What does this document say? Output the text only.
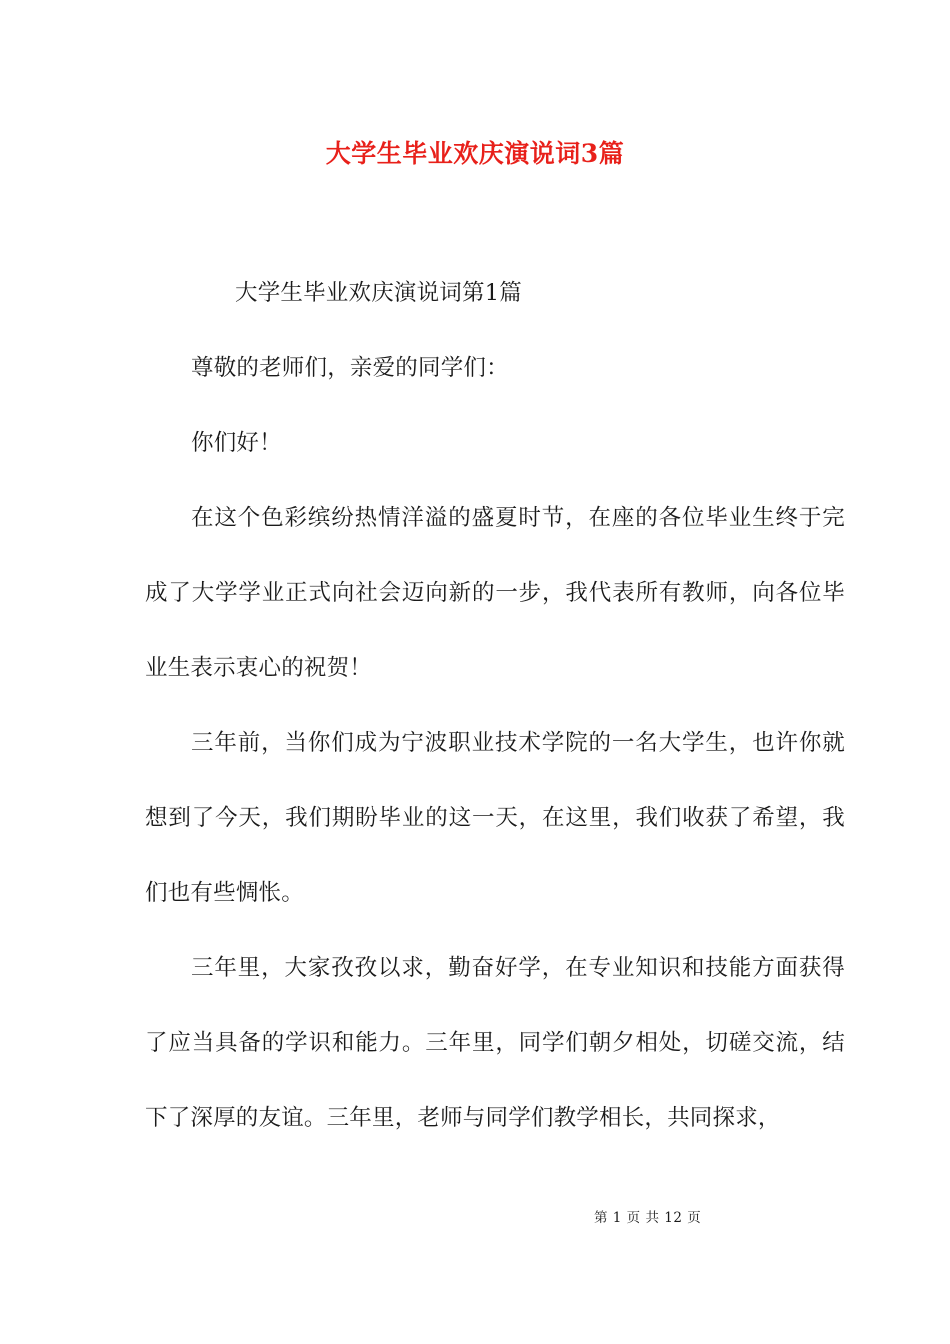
大学生毕业欢庆演说词3篇

大学生毕业欢庆演说词第1篇

尊敬的老师们，亲爱的同学们：

你们好！

在这个色彩缤纷热情洋溢的盛夏时节，在座的各位毕业生终于完成了大学学业正式向社会迈向新的一步，我代表所有教师，向各位毕业生表示衷心的祝贺！

三年前，当你们成为宁波职业技术学院的一名大学生，也许你就想到了今天，我们期盼毕业的这一天，在这里，我们收获了希望，我们也有些惆怅。

三年里，大家孜孜以求，勤奋好学，在专业知识和技能方面获得了应当具备的学识和能力。三年里，同学们朝夕相处，切磋交流，结下了深厚的友谊。三年里，老师与同学们教学相长，共同探求，

第 1 页 共 12 页
